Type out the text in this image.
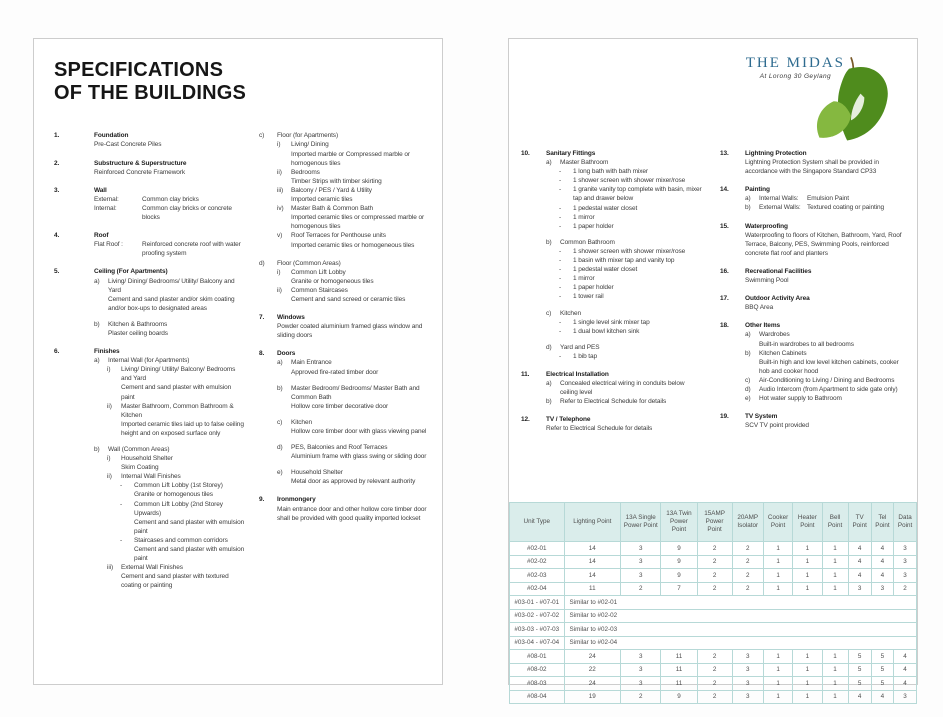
SPECIFICATIONS
OF THE BUILDINGS
1.	Foundation
Pre-Cast Concrete Piles
2.	Substructure & Superstructure
Reinforced Concrete Framework
3.	Wall
External:	Common clay bricks
Internal:	Common clay bricks or concrete blocks
4.	Roof
Flat Roof :	Reinforced concrete roof with water proofing system
5.	Ceiling (For Apartments)
a)	Living/ Dining/ Bedrooms/ Utility/ Balcony and Yard
Cement and sand plaster and/or skim coating and/or box-ups to designated areas
b)	Kitchen & Bathrooms
Plaster ceiling boards
6.	Finishes
a)	Internal Wall (for Apartments)
i)	Living/ Dining/ Utility/ Balcony/ Bedrooms and Yard
Cement and sand plaster with emulsion paint
ii)	Master Bathroom, Common Bathroom & Kitchen
Imported ceramic tiles laid up to false ceiling height and on exposed surface only
b)	Wall (Common Areas)
i)	Household Shelter
Skim Coating
ii)	Internal Wall Finishes
-	Common Lift Lobby (1st Storey)
Granite or homogenous tiles
-	Common Lift Lobby (2nd Storey Upwards)
Cement and sand plaster with emulsion paint
-	Staircases and common corridors
Cement and sand plaster with emulsion paint
iii)	External Wall Finishes
Cement and sand plaster with textured coating or painting
c)	Floor (for Apartments)
i)	Living/ Dining
Imported marble or Compressed marble or homogenous tiles
ii)	Bedrooms
Timber Strips with timber skirting
iii)	Balcony / PES / Yard & Utility
Imported ceramic tiles
iv)	Master Bath & Common Bath
Imported ceramic tiles or compressed marble or homogenous tiles
v)	Roof Terraces for Penthouse units
Imported ceramic tiles or homogeneous tiles
d)	Floor (Common Areas)
i)	Common Lift Lobby
Granite or homogeneous tiles
ii)	Common Staircases
Cement and sand screed or ceramic tiles
7.	Windows
Powder coated aluminium framed glass window and sliding doors
8.	Doors
a)	Main Entrance
Approved fire-rated timber door
b)	Master Bedroom/ Bedrooms/ Master Bath and Common Bath
Hollow core timber decorative door
c)	Kitchen
Hollow core timber door with glass viewing panel
d)	PES, Balconies and Roof Terraces
Aluminium frame with glass swing or sliding door
e)	Household Shelter
Metal door as approved by relevant authority
9.	Ironmongery
Main entrance door and other hollow core timber door shall be provided with good quality imported lockset
THE MIDAS
At Lorong 30 Geylang
10.	Sanitary Fittings
a)	Master Bathroom
-	1 long bath with bath mixer
-	1 shower screen with shower mixer/rose
-	1 granite vanity top complete with basin, mixer tap and drawer below
-	1 pedestal water closet
-	1 mirror
-	1 paper holder
b)	Common Bathroom
-	1 shower screen with shower mixer/rose
-	1 basin with mixer tap and vanity top
-	1 pedestal water closet
-	1 mirror
-	1 paper holder
-	1 tower rail
c)	Kitchen
-	1 single level sink mixer tap
-	1 dual bowl kitchen sink
d)	Yard and PES
-	1 bib tap
11.	Electrical Installation
a)	Concealed electrical wiring in conduits below ceiling level
b)	Refer to Electrical Schedule for details
12.	TV / Telephone
Refer to Electrical Schedule for details
13.	Lightning Protection
Lightning Protection System shall be provided in accordance with the Singapore Standard CP33
14.	Painting
a)	Internal Walls:	Emulsion Paint
b)	External Walls: Textured coating or painting
15.	Waterproofing
Waterproofing to floors of Kitchen, Bathroom, Yard, Roof Terrace, Balcony, PES, Swimming Pools, reinforced concrete flat roof and planters
16.	Recreational Facilities
Swimming Pool
17.	Outdoor Activity Area
BBQ Area
18.	Other Items
a)	Wardrobes
Built-in wardrobes to all bedrooms
b)	Kitchen Cabinets
Built-in high and low level kitchen cabinets, cooker hob and cooker hood
c)	Air-Conditioning to Living / Dining and Bedrooms
d)	Audio Intercom (from Apartment to side gate only)
e)	Hot water supply to Bathroom
19.	TV System
SCV TV point provided
Unit Type	Lighting Point	13A Single Power Point	13A Twin Power Point	15AMP Power Point	20AMP Isolator	Cooker Point	Heater Point	Bell Point	TV Point	Tel Point	Data Point
#02-01	14	3	9	2	2	1	1	1	4	4	3
#02-02	14	3	9	2	2	1	1	1	4	4	3
#02-03	14	3	9	2	2	1	1	1	4	4	3
#02-04	11	2	7	2	2	1	1	1	3	3	2
#03-01 - #07-01	Similar to #02-01										
#03-02 - #07-02	Similar to #02-02										
#03-03 - #07-03	Similar to #02-03										
#03-04 - #07-04	Similar to #02-04										
#08-01	24	3	11	2	3	1	1	1	5	5	4
#08-02	22	3	11	2	3	1	1	1	5	5	4
#08-03	24	3	11	2	3	1	1	1	5	5	4
#08-04	19	2	9	2	3	1	1	1	4	4	3
